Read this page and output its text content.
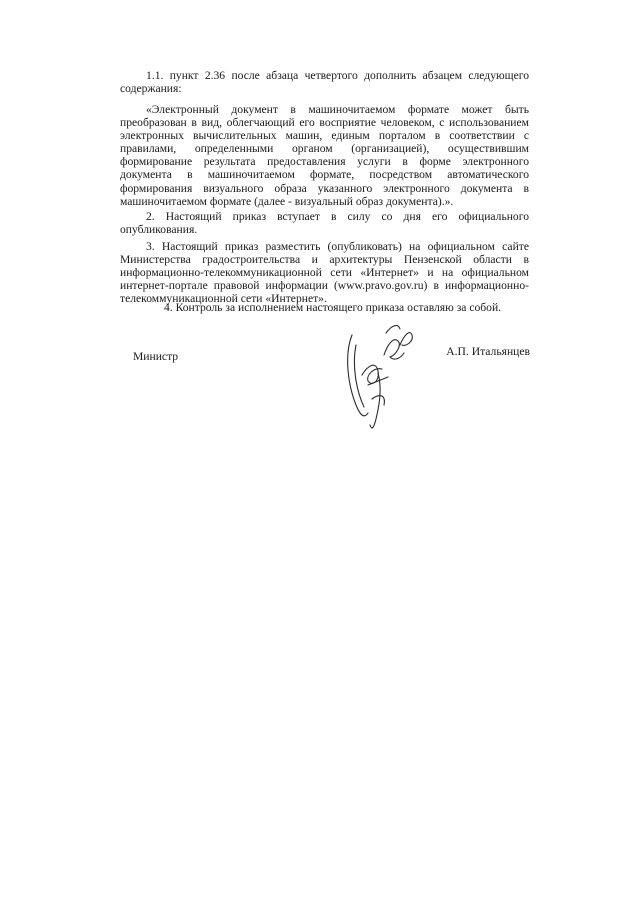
1.1. пункт 2.36 после абзаца четвертого дополнить абзацем следующего содержания:

«Электронный документ в машиночитаемом формате может быть преобразован в вид, облегчающий его восприятие человеком, с использованием электронных вычислительных машин, единым порталом в соответствии с правилами, определенными органом (организацией), осуществившим формирование результата предоставления услуги в форме электронного документа в машиночитаемом формате, посредством автоматического формирования визуального образа указанного электронного документа в машиночитаемом формате (далее - визуальный образ документа).».

2. Настоящий приказ вступает в силу со дня его официального опубликования.

3. Настоящий приказ разместить (опубликовать) на официальном сайте Министерства градостроительства и архитектуры Пензенской области в информационно-телекоммуникационной сети «Интернет» и на официальном интернет-портале правовой информации (www.pravo.gov.ru) в информационно-телекоммуникационной сети «Интернет».

4. Контроль за исполнением настоящего приказа оставляю за собой.

Министр	А.П. Итальянцев
